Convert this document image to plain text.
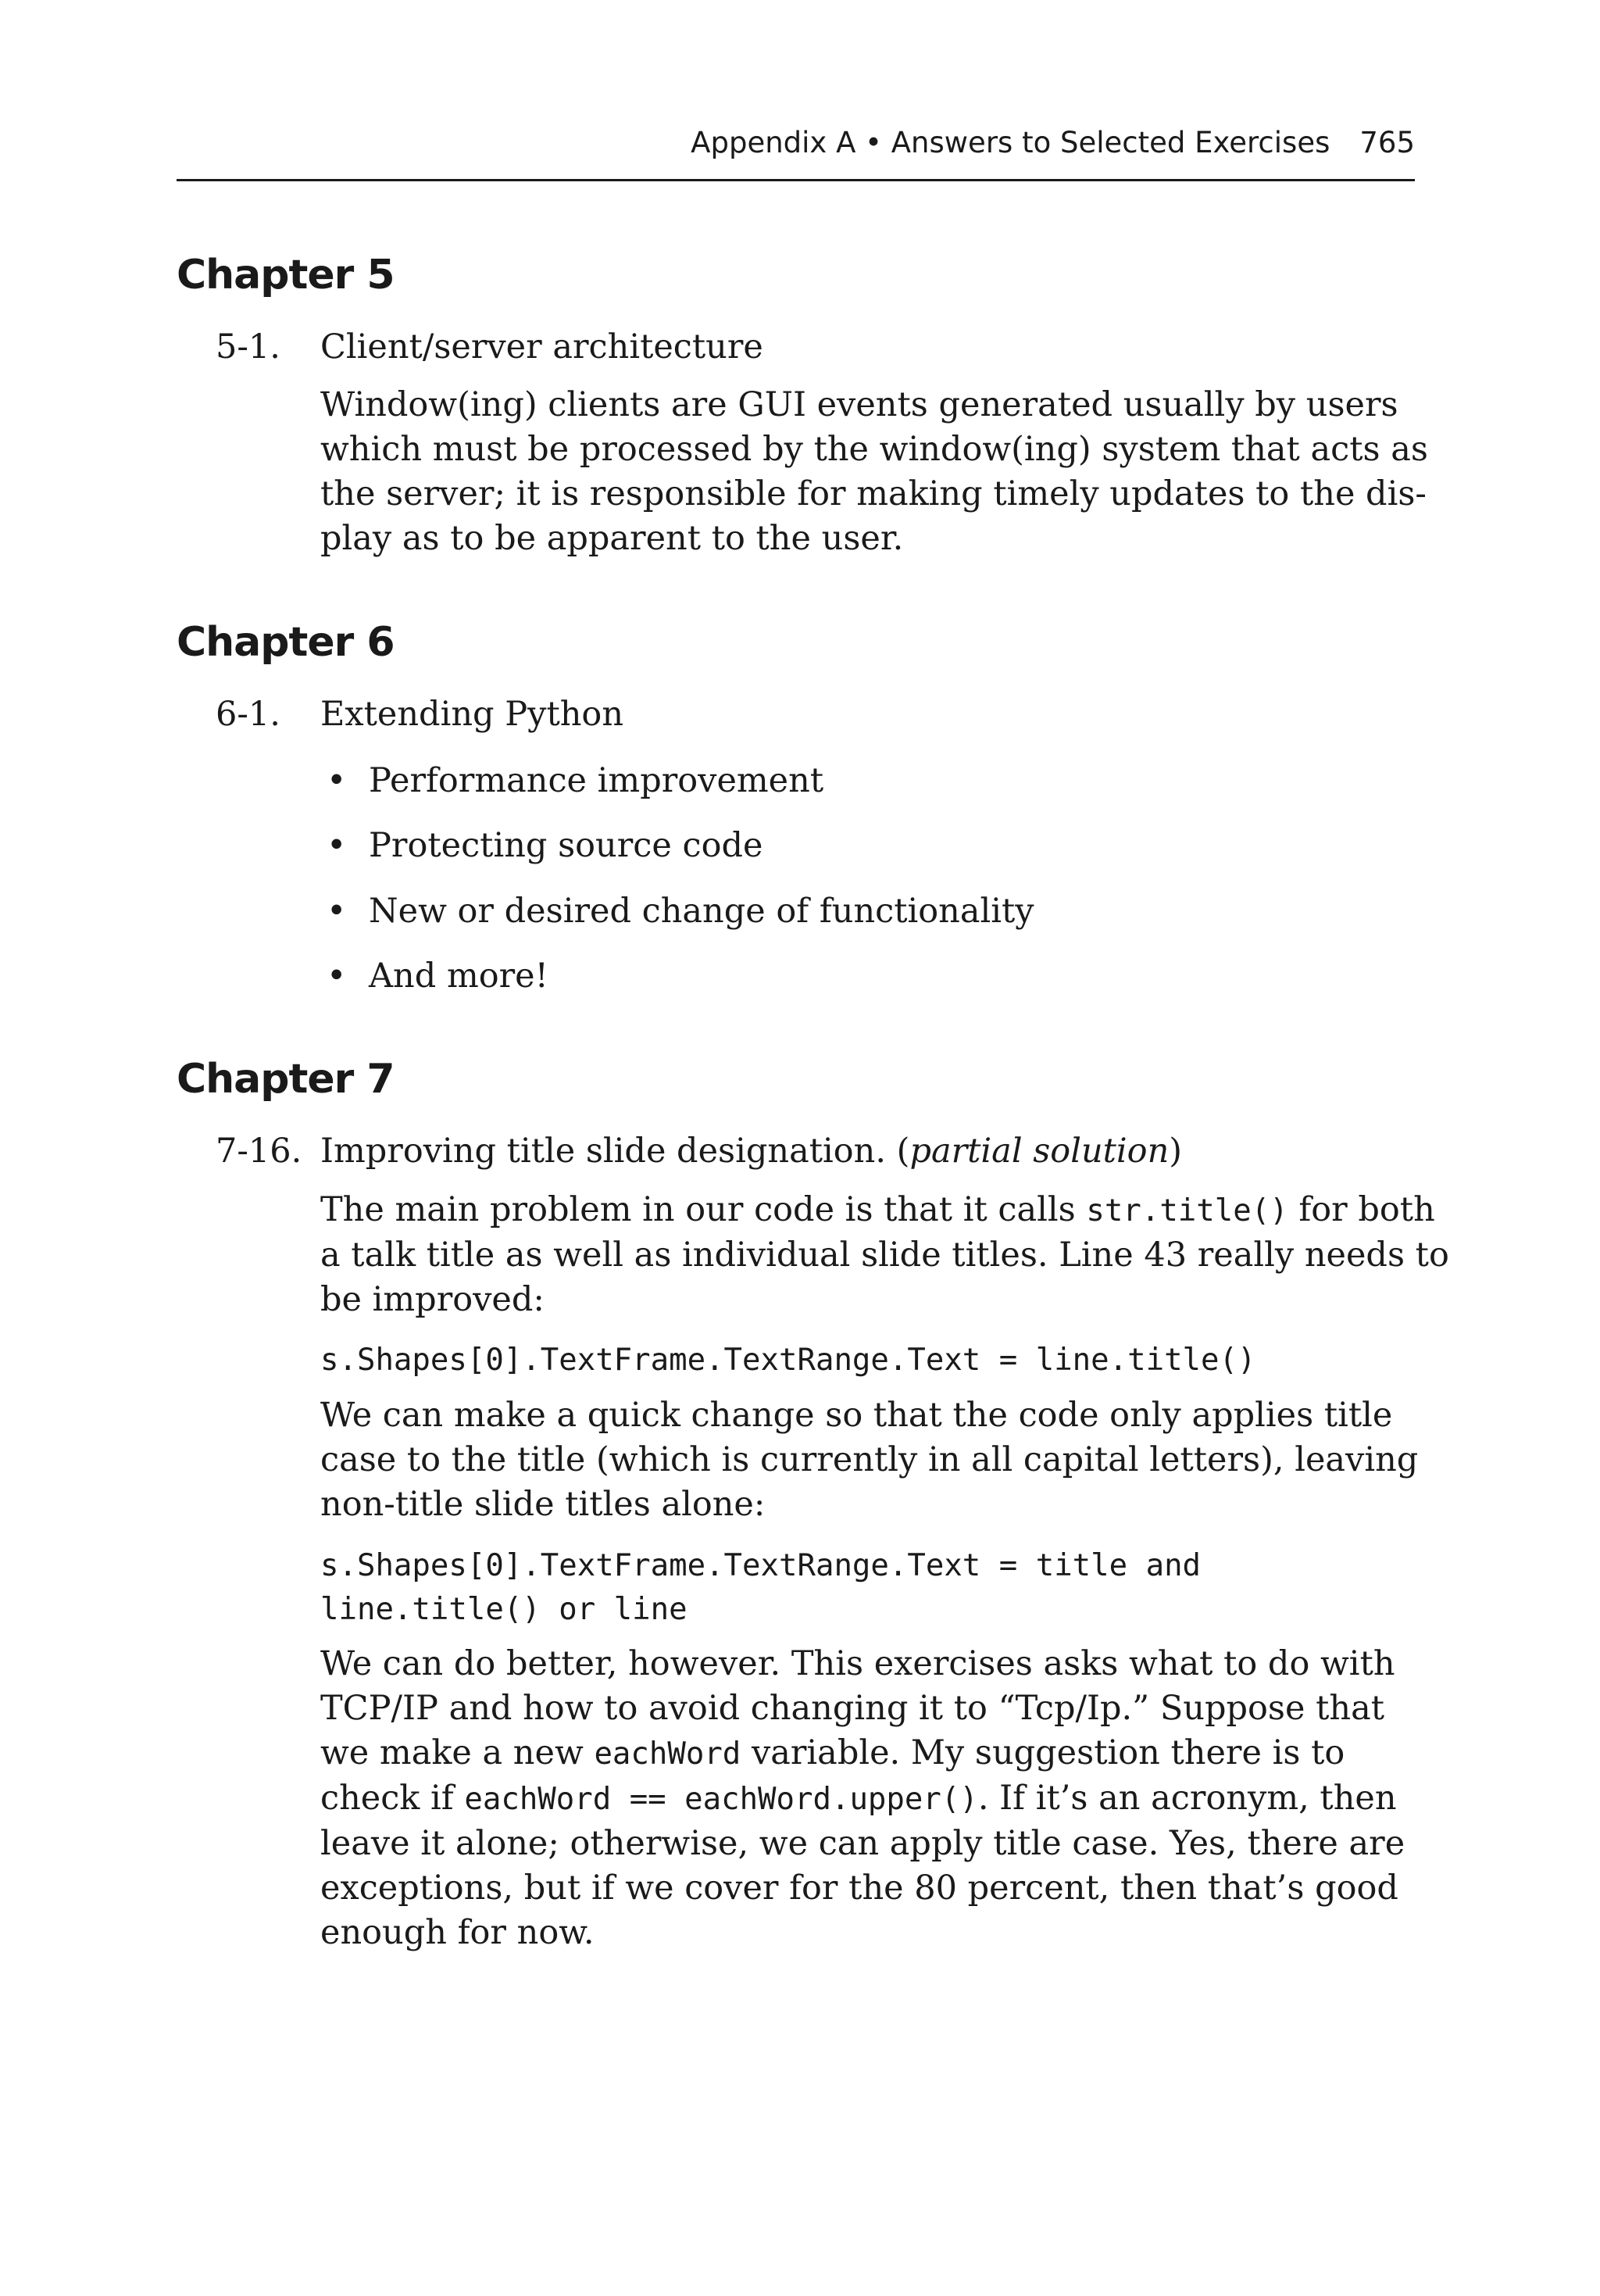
Appendix A • Answers to Selected Exercises 765
Chapter 5
5-1. Client/server architecture

Window(ing) clients are GUI events generated usually by users
which must be processed by the window(ing) system that acts as
the server; it is responsible for making timely updates to the dis-
play as to be apparent to the user.

Chapter 6
6-1. Extending Python
• Performance improvement
• Protecting source code
• New or desired change of functionality
• And more!
Chapter 7
7-16. Improving title slide designation. (partial solution)

The main problem in our code is that it calls str.title() for both
a talk title as well as individual slide titles. Line 43 really needs to
be improved:

s.Shapes[0].TextFrame.TextRange.Text = line.title()

We can make a quick change so that the code only applies title
case to the title (which is currently in all capital letters), leaving
non-title slide titles alone:

s.Shapes[0].TextFrame.TextRange.Text = title and
line.title() or line

We can do better, however. This exercises asks what to do with
TCP/IP and how to avoid changing it to “Tcp/Ip.” Suppose that
we make a new eachWord variable. My suggestion there is to
check if eachWord == eachWord.upper(). If it’s an acronym, then
leave it alone; otherwise, we can apply title case. Yes, there are
exceptions, but if we cover for the 80 percent, then that’s good
enough for now.
